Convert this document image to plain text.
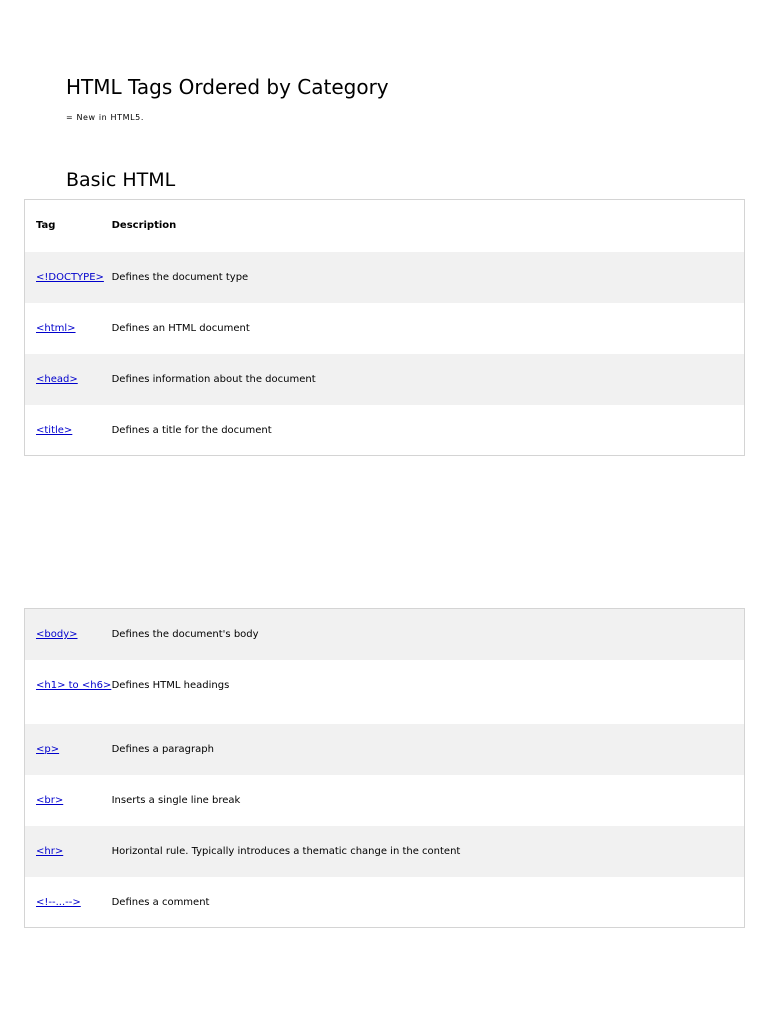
HTML Tags Ordered by Category
= New in HTML5.
Basic HTML
Tag	Description
<!DOCTYPE>	Defines the document type
<html>	Defines an HTML document
<head>	Defines information about the document
<title>	Defines a title for the document
<body>	Defines the document's body
<h1> to <h6>	Defines HTML headings
<p>	Defines a paragraph
<br>	Inserts a single line break
<hr>	Horizontal rule. Typically introduces a thematic change in the content
<!--...-->	Defines a comment
